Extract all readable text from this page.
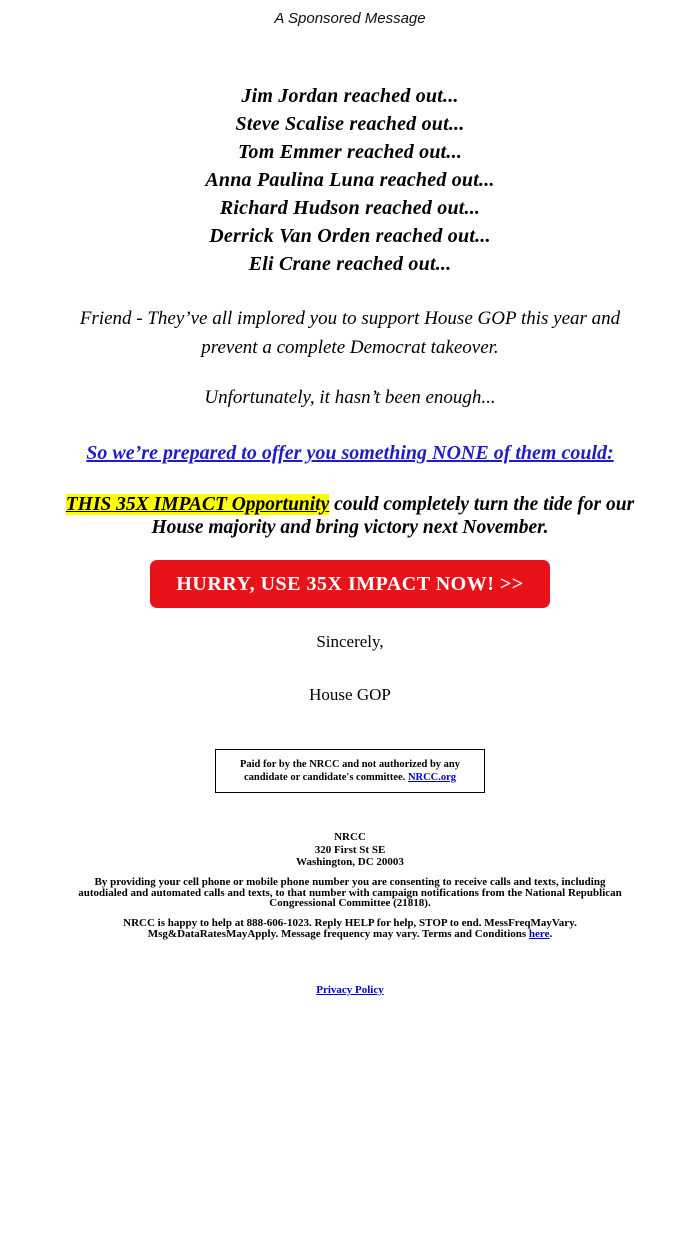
A Sponsored Message
Jim Jordan reached out...
Steve Scalise reached out...
Tom Emmer reached out...
Anna Paulina Luna reached out...
Richard Hudson reached out...
Derrick Van Orden reached out...
Eli Crane reached out...

Friend - They’ve all implored you to support House GOP this year and prevent a complete Democrat takeover.

Unfortunately, it hasn’t been enough...

So we’re prepared to offer you something NONE of them could:

THIS 35X IMPACT Opportunity could completely turn the tide for our House majority and bring victory next November.

HURRY, USE 35X IMPACT NOW! >>
Sincerely,
House GOP
Paid for by the NRCC and not authorized by any candidate or candidate's committee. NRCC.org
NRCC
320 First St SE
Washington, DC 20003

By providing your cell phone or mobile phone number you are consenting to receive calls and texts, including autodialed and automated calls and texts, to that number with campaign notifications from the National Republican Congressional Committee (21818).

NRCC is happy to help at 888-606-1023. Reply HELP for help, STOP to end. MessFreqMayVary. Msg&DataRatesMayApply. Message frequency may vary. Terms and Conditions here.

Privacy Policy
